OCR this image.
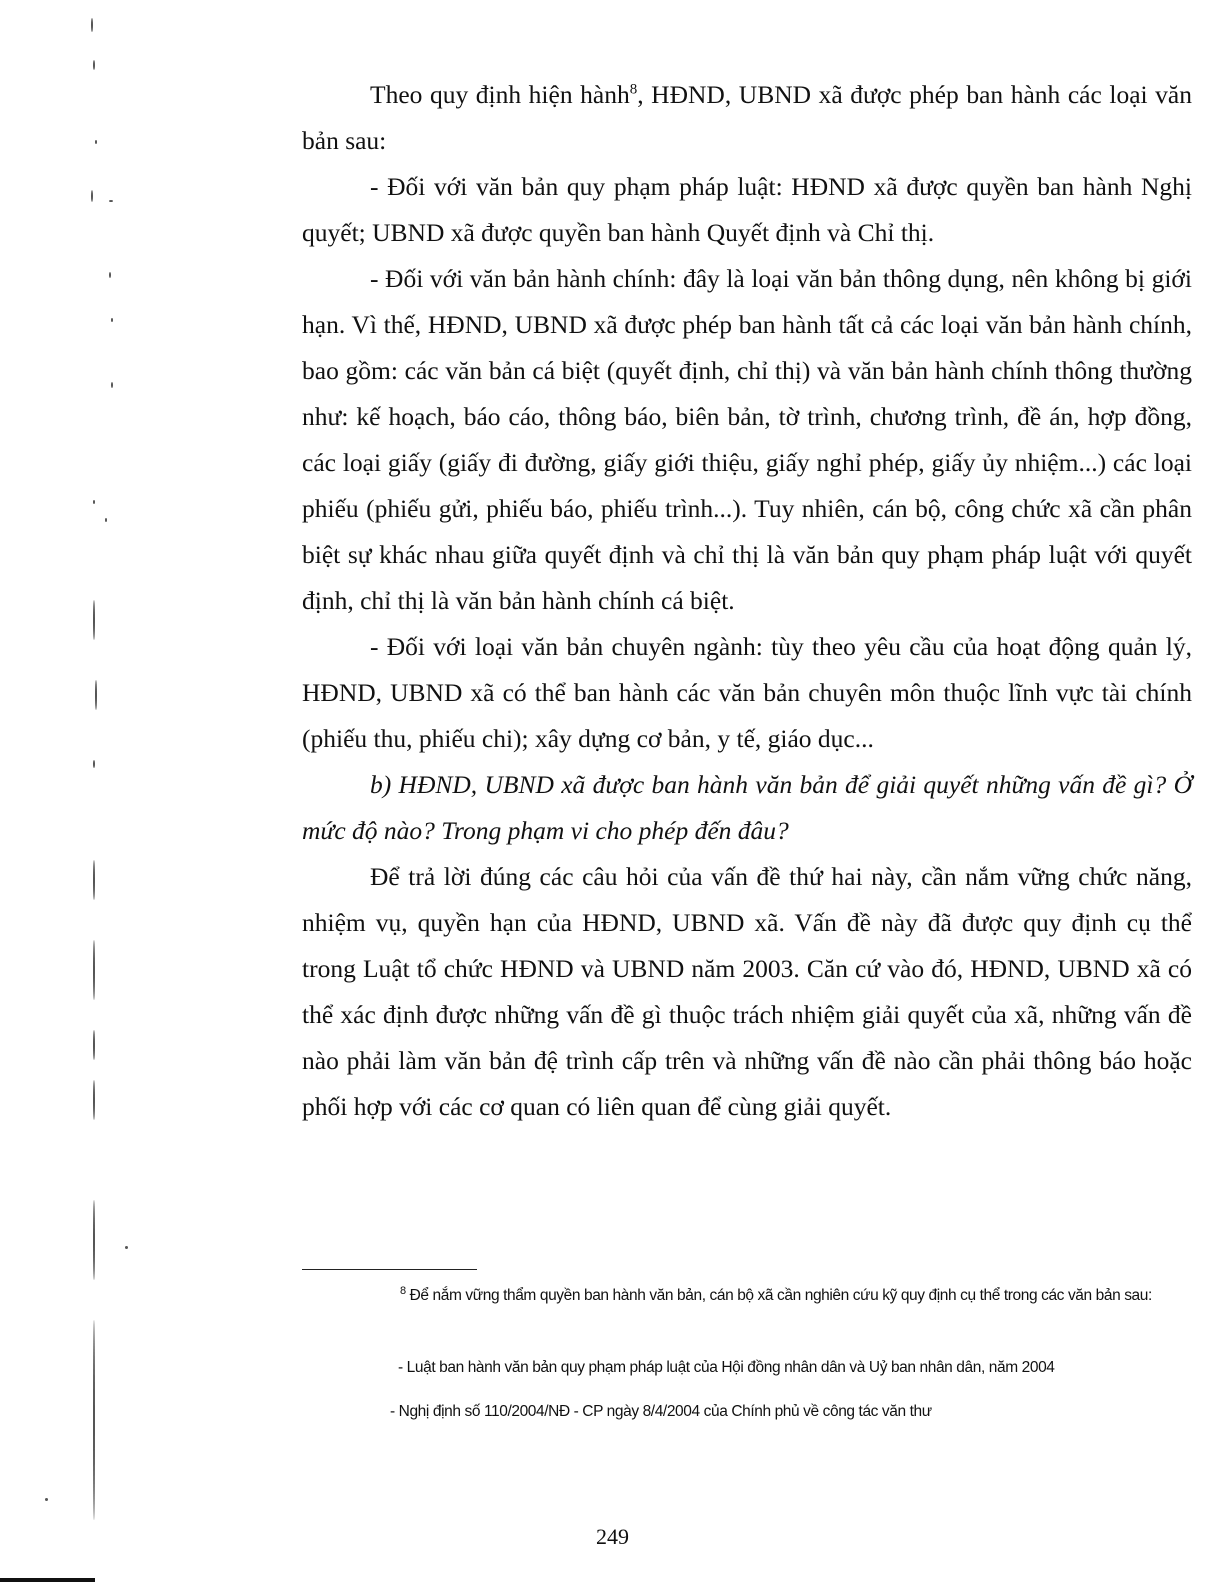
Theo quy định hiện hành$^8$, HĐND, UBND xã được phép ban hành các loại văn bản sau:

- Đối với văn bản quy phạm pháp luật: HĐND xã được quyền ban hành Nghị quyết; UBND xã được quyền ban hành Quyết định và Chỉ thị.

- Đối với văn bản hành chính: đây là loại văn bản thông dụng, nên không bị giới hạn. Vì thế, HĐND, UBND xã được phép ban hành tất cả các loại văn bản hành chính, bao gồm: các văn bản cá biệt (quyết định, chỉ thị) và văn bản hành chính thông thường như: kế hoạch, báo cáo, thông báo, biên bản, tờ trình, chương trình, đề án, hợp đồng, các loại giấy (giấy đi đường, giấy giới thiệu, giấy nghỉ phép, giấy ủy nhiệm...) các loại phiếu (phiếu gửi, phiếu báo, phiếu trình...). Tuy nhiên, cán bộ, công chức xã cần phân biệt sự khác nhau giữa quyết định và chỉ thị là văn bản quy phạm pháp luật với quyết định, chỉ thị là văn bản hành chính cá biệt.

- Đối với loại văn bản chuyên ngành: tùy theo yêu cầu của hoạt động quản lý, HĐND, UBND xã có thể ban hành các văn bản chuyên môn thuộc lĩnh vực tài chính (phiếu thu, phiếu chi); xây dựng cơ bản, y tế, giáo dục...

b) HĐND, UBND xã được ban hành văn bản để giải quyết những vấn đề gì? Ở mức độ nào? Trong phạm vi cho phép đến đâu?

Để trả lời đúng các câu hỏi của vấn đề thứ hai này, cần nắm vững chức năng, nhiệm vụ, quyền hạn của HĐND, UBND xã. Vấn đề này đã được quy định cụ thể trong Luật tổ chức HĐND và UBND năm 2003. Căn cứ vào đó, HĐND, UBND xã có thể xác định được những vấn đề gì thuộc trách nhiệm giải quyết của xã, những vấn đề nào phải làm văn bản đệ trình cấp trên và những vấn đề nào cần phải thông báo hoặc phối hợp với các cơ quan có liên quan để cùng giải quyết.

$^8$ Để nắm vững thẩm quyền ban hành văn bản, cán bộ xã cần nghiên cứu kỹ quy định cụ thể trong các văn bản sau:

- Luật ban hành văn bản quy phạm pháp luật của Hội đồng nhân dân và Uỷ ban nhân dân, năm 2004

- Nghị định số 110/2004/NĐ - CP ngày 8/4/2004 của Chính phủ về công tác văn thư

249
